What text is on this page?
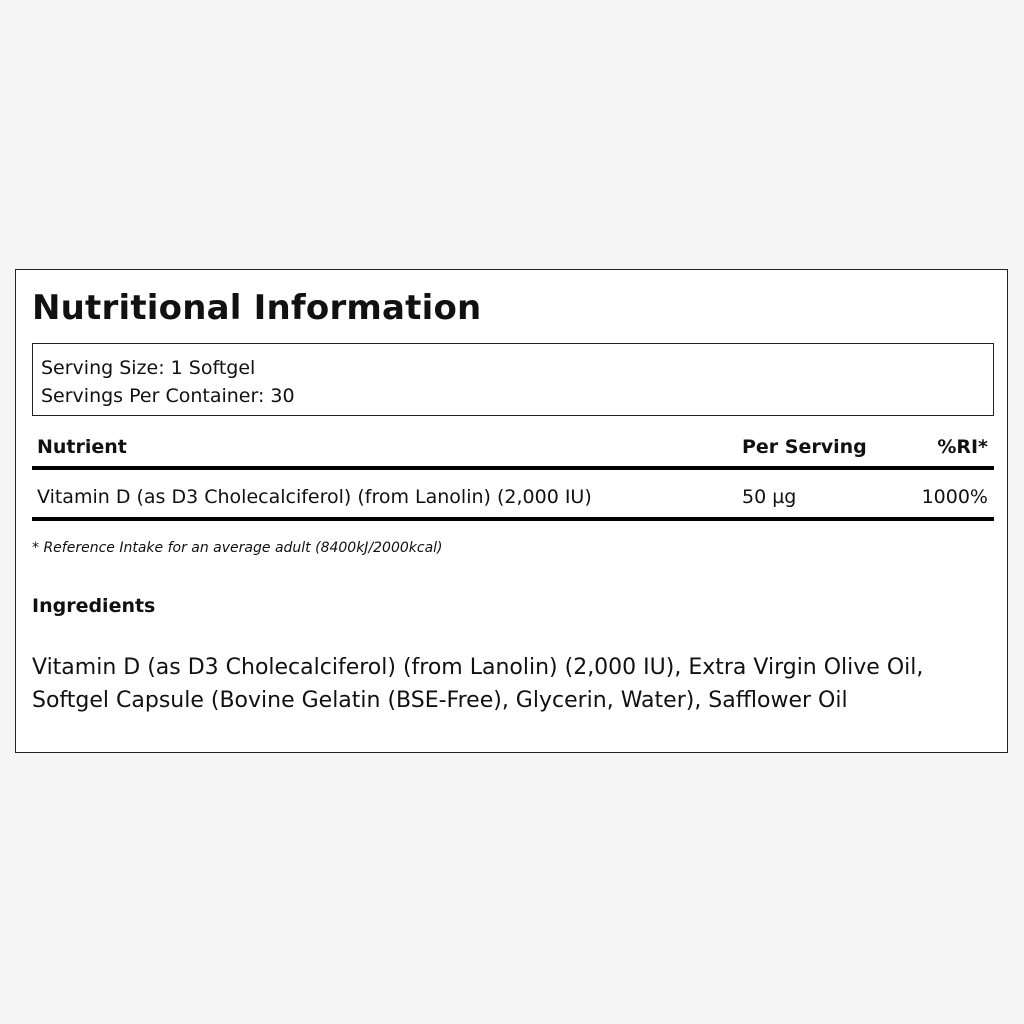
Nutritional Information
Serving Size: 1 Softgel
Servings Per Container: 30
Nutrient	Per Serving	%RI*
Vitamin D (as D3 Cholecalciferol) (from Lanolin) (2,000 IU)	50 µg	1000%
* Reference Intake for an average adult (8400kJ/2000kcal)
Ingredients
Vitamin D (as D3 Cholecalciferol) (from Lanolin) (2,000 IU), Extra Virgin Olive Oil, Softgel Capsule (Bovine Gelatin (BSE-Free), Glycerin, Water), Safflower Oil
